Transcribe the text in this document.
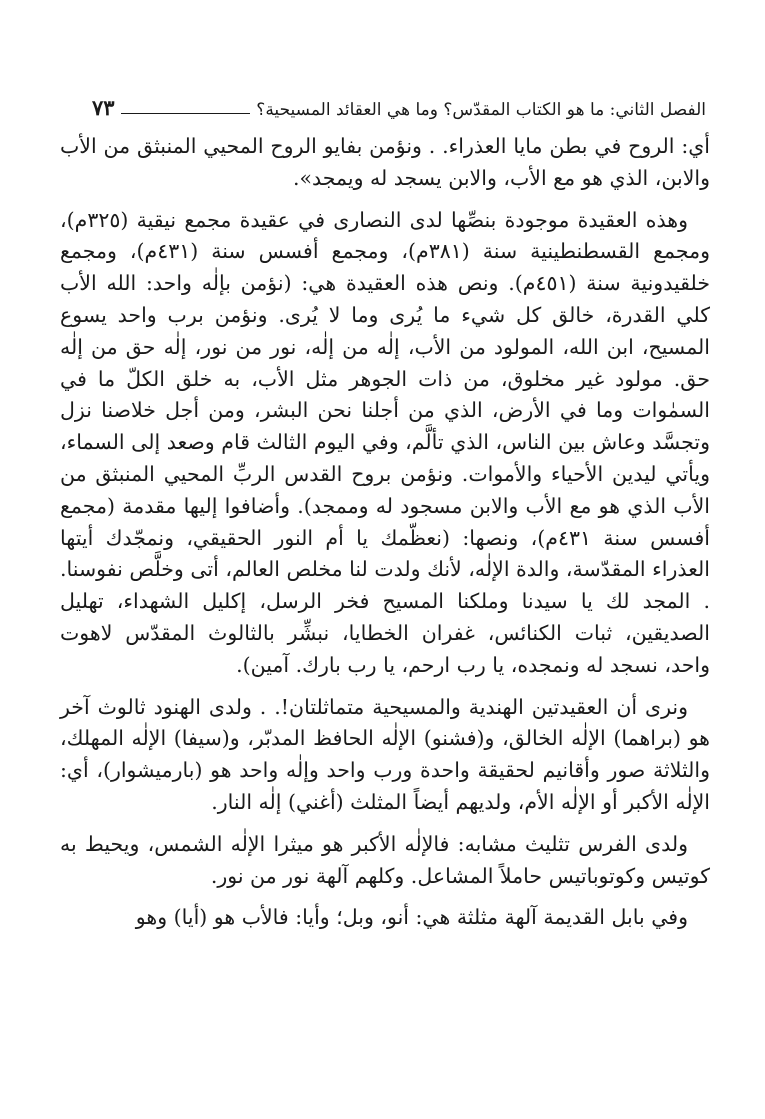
الفصل الثاني: ما هو الكتاب المقدّس؟ وما هي العقائد المسيحية؟
٧٣

أي: الروح في بطن مايا العذراء. . ونؤمن بفايو الروح المحيي المنبثق من الأب والابن، الذي هو مع الأب، والابن يسجد له ويمجد».

وهذه العقيدة موجودة بنصِّها لدى النصارى في عقيدة مجمع نيقية (٣٢٥م)، ومجمع القسطنطينية سنة (٣٨١م)، ومجمع أفسس سنة (٤٣١م)، ومجمع خلقيدونية سنة (٤٥١م). ونص هذه العقيدة هي: (نؤمن بإلٰه واحد: الله الأب كلي القدرة، خالق كل شيء ما يُرى وما لا يُرى. ونؤمن برب واحد يسوع المسيح، ابن الله، المولود من الأب، إلٰه من إلٰه، نور من نور، إلٰه حق من إلٰه حق. مولود غير مخلوق، من ذات الجوهر مثل الأب، به خلق الكلّ ما في السمٰوات وما في الأرض، الذي من أجلنا نحن البشر، ومن أجل خلاصنا نزل وتجسَّد وعاش بين الناس، الذي تألَّم، وفي اليوم الثالث قام وصعد إلى السماء، ويأتي ليدين الأحياء والأموات. ونؤمن بروح القدس الربِّ المحيي المنبثق من الأب الذي هو مع الأب والابن مسجود له وممجد). وأضافوا إليها مقدمة (مجمع أفسس سنة ٤٣١م)، ونصها: (نعظّمك يا أم النور الحقيقي، ونمجّدك أيتها العذراء المقدّسة، والدة الإلٰه، لأنك ولدت لنا مخلص العالم، أتى وخلَّص نفوسنا. . المجد لك يا سيدنا وملكنا المسيح فخر الرسل، إكليل الشهداء، تهليل الصديقين، ثبات الكنائس، غفران الخطايا، نبشِّر بالثالوث المقدّس لاهوت واحد، نسجد له ونمجده، يا رب ارحم، يا رب بارك. آمين).

ونرى أن العقيدتين الهندية والمسيحية متماثلتان!. . ولدى الهنود ثالوث آخر هو (براهما) الإلٰه الخالق، و(فشنو) الإلٰه الحافظ المدبّر، و(سيفا) الإلٰه المهلك، والثلاثة صور وأقانيم لحقيقة واحدة ورب واحد وإلٰه واحد هو (بارميشوار)، أي: الإلٰه الأكبر أو الإلٰه الأم، ولديهم أيضاً المثلث (أغني) إلٰه النار.

ولدى الفرس تثليث مشابه: فالإلٰه الأكبر هو ميثرا الإلٰه الشمس، ويحيط به كوتيس وكوتوباتيس حاملاً المشاعل. وكلهم آلهة نور من نور.

وفي بابل القديمة آلهة مثلثة هي: أنو، وبل؛ وأيا: فالأب هو (أيا) وهو
